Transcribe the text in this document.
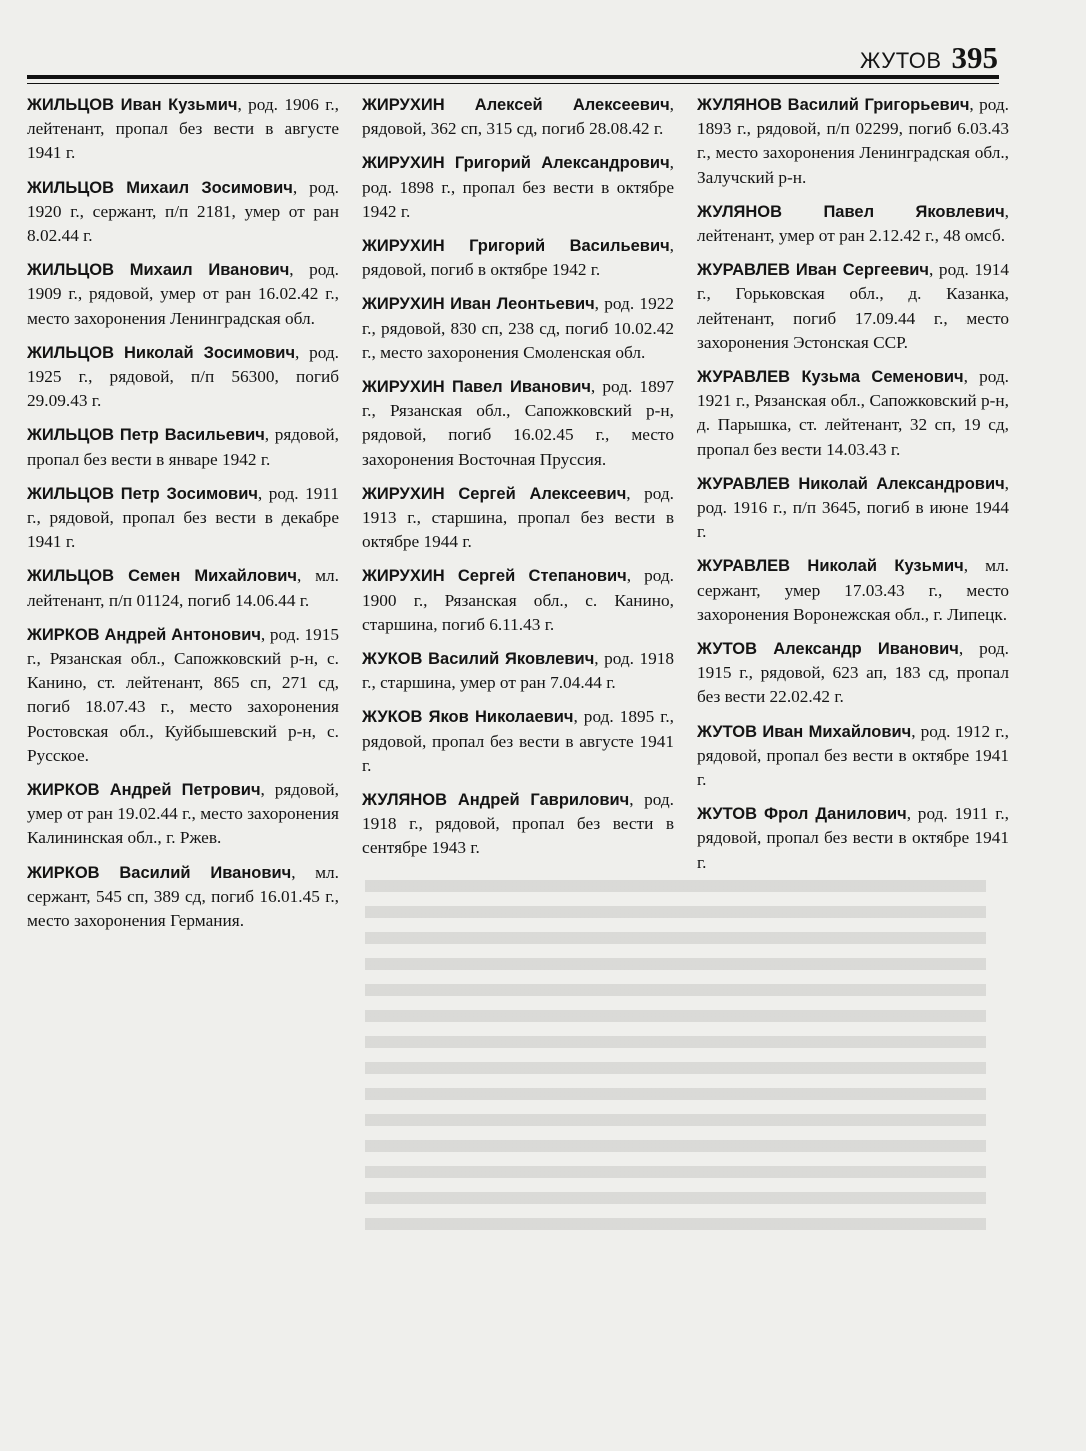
ЖУТОВ 395

ЖИЛЬЦОВ Иван Кузьмич, род. 1906 г., лейтенант, пропал без вести в августе 1941 г.

ЖИЛЬЦОВ Михаил Зосимович, род. 1920 г., сержант, п/п 2181, умер от ран 8.02.44 г.

ЖИЛЬЦОВ Михаил Иванович, род. 1909 г., рядовой, умер от ран 16.02.42 г., место захоронения Ленинградская обл.

ЖИЛЬЦОВ Николай Зосимович, род. 1925 г., рядовой, п/п 56300, погиб 29.09.43 г.

ЖИЛЬЦОВ Петр Васильевич, рядовой, пропал без вести в январе 1942 г.

ЖИЛЬЦОВ Петр Зосимович, род. 1911 г., рядовой, пропал без вести в декабре 1941 г.

ЖИЛЬЦОВ Семен Михайлович, мл. лейтенант, п/п 01124, погиб 14.06.44 г.

ЖИРКОВ Андрей Антонович, род. 1915 г., Рязанская обл., Сапожковский р-н, с. Канино, ст. лейтенант, 865 сп, 271 сд, погиб 18.07.43 г., место захоронения Ростовская обл., Куйбышевский р-н, с. Русское.

ЖИРКОВ Андрей Петрович, рядовой, умер от ран 19.02.44 г., место захоронения Калининская обл., г. Ржев.

ЖИРКОВ Василий Иванович, мл. сержант, 545 сп, 389 сд, погиб 16.01.45 г., место захоронения Германия.

ЖИРУХИН Алексей Алексеевич, рядовой, 362 сп, 315 сд, погиб 28.08.42 г.

ЖИРУХИН Григорий Александрович, род. 1898 г., пропал без вести в октябре 1942 г.

ЖИРУХИН Григорий Васильевич, рядовой, погиб в октябре 1942 г.

ЖИРУХИН Иван Леонтьевич, род. 1922 г., рядовой, 830 сп, 238 сд, погиб 10.02.42 г., место захоронения Смоленская обл.

ЖИРУХИН Павел Иванович, род. 1897 г., Рязанская обл., Сапожковский р-н, рядовой, погиб 16.02.45 г., место захоронения Восточная Пруссия.

ЖИРУХИН Сергей Алексеевич, род. 1913 г., старшина, пропал без вести в октябре 1944 г.

ЖИРУХИН Сергей Степанович, род. 1900 г., Рязанская обл., с. Канино, старшина, погиб 6.11.43 г.

ЖУКОВ Василий Яковлевич, род. 1918 г., старшина, умер от ран 7.04.44 г.

ЖУКОВ Яков Николаевич, род. 1895 г., рядовой, пропал без вести в августе 1941 г.

ЖУЛЯНОВ Андрей Гаврилович, род. 1918 г., рядовой, пропал без вести в сентябре 1943 г.

ЖУЛЯНОВ Василий Григорьевич, род. 1893 г., рядовой, п/п 02299, погиб 6.03.43 г., место захоронения Ленинградская обл., Залучский р-н.

ЖУЛЯНОВ Павел Яковлевич, лейтенант, умер от ран 2.12.42 г., 48 омсб.

ЖУРАВЛЕВ Иван Сергеевич, род. 1914 г., Горьковская обл., д. Казанка, лейтенант, погиб 17.09.44 г., место захоронения Эстонская ССР.

ЖУРАВЛЕВ Кузьма Семенович, род. 1921 г., Рязанская обл., Сапожковский р-н, д. Парышка, ст. лейтенант, 32 сп, 19 сд, пропал без вести 14.03.43 г.

ЖУРАВЛЕВ Николай Александрович, род. 1916 г., п/п 3645, погиб в июне 1944 г.

ЖУРАВЛЕВ Николай Кузьмич, мл. сержант, умер 17.03.43 г., место захоронения Воронежская обл., г. Липецк.

ЖУТОВ Александр Иванович, род. 1915 г., рядовой, 623 ап, 183 сд, пропал без вести 22.02.42 г.

ЖУТОВ Иван Михайлович, род. 1912 г., рядовой, пропал без вести в октябре 1941 г.

ЖУТОВ Фрол Данилович, род. 1911 г., рядовой, пропал без вести в октябре 1941 г.
